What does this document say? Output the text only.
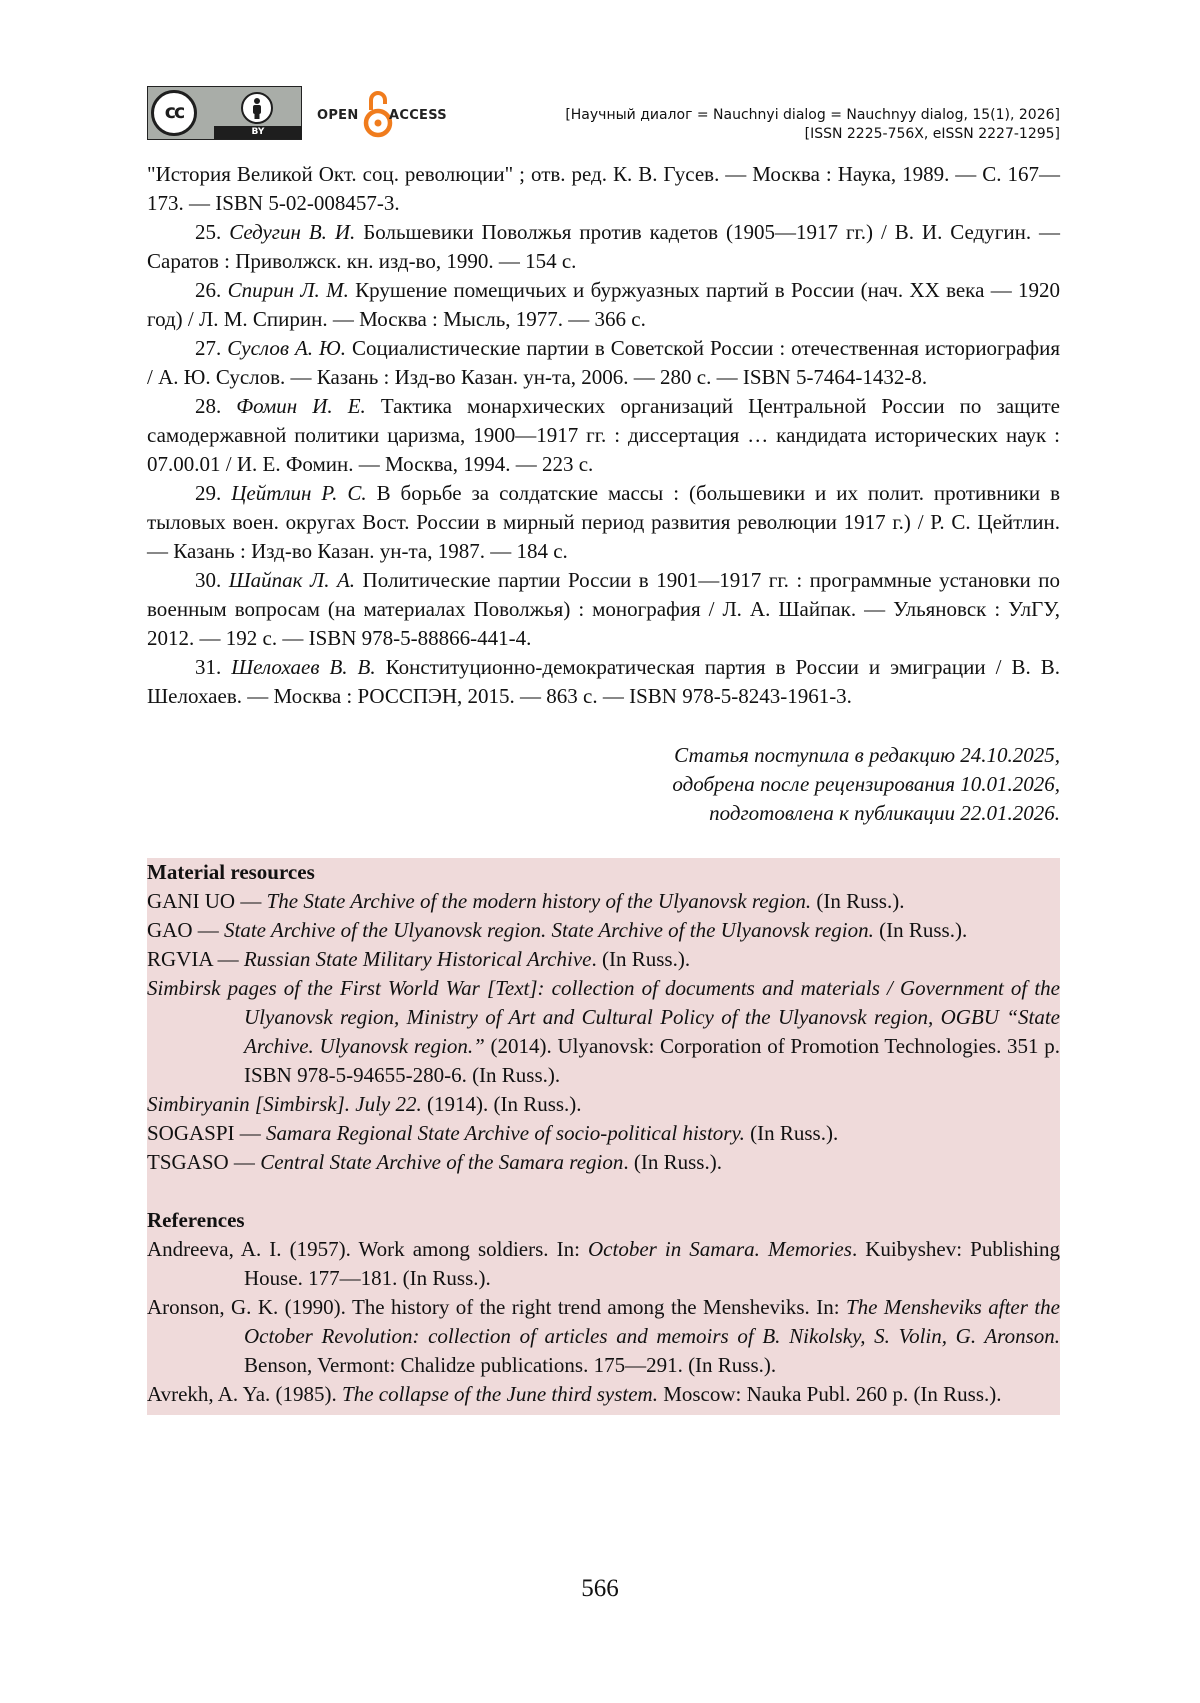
cc
BY
OPEN ACCESS	[Научный диалог = Nauchnyi dialog = Nauchnyy dialog, 15(1), 2026]
[ISSN 2225-756X, eISSN 2227-1295]

"История Великой Окт. соц. революции" ; отв. ред. К. В. Гусев. — Москва : Наука, 1989. — С. 167—173. — ISBN 5-02-008457-3.

25. Седугин В. И. Большевики Поволжья против кадетов (1905—1917 гг.) / В. И. Седугин. — Саратов : Приволжск. кн. изд-во, 1990. — 154 с.

26. Спирин Л. М. Крушение помещичьих и буржуазных партий в России (нач. XX века — 1920 год) / Л. М. Спирин. — Москва : Мысль, 1977. — 366 с.

27. Суслов А. Ю. Социалистические партии в Советской России : отечественная историография / А. Ю. Суслов. — Казань : Изд-во Казан. ун-та, 2006. — 280 с. — ISBN 5-7464-1432-8.

28. Фомин И. Е. Тактика монархических организаций Центральной России по защите самодержавной политики царизма, 1900—1917 гг. : диссертация … кандидата исторических наук : 07.00.01 / И. Е. Фомин. — Москва, 1994. — 223 с.

29. Цейтлин Р. С. В борьбе за солдатские массы : (большевики и их полит. противники в тыловых воен. округах Вост. России в мирный период развития революции 1917 г.) / Р. С. Цейтлин. — Казань : Изд-во Казан. ун-та, 1987. — 184 с.

30. Шайпак Л. А. Политические партии России в 1901—1917 гг. : программные установки по военным вопросам (на материалах Поволжья) : монография / Л. А. Шайпак. — Ульяновск : УлГУ, 2012. — 192 с. — ISBN 978-5-88866-441-4.

31. Шелохаев В. В. Конституционно-демократическая партия в России и эмиграции / В. В. Шелохаев. — Москва : РОССПЭН, 2015. — 863 с. — ISBN 978-5-8243-1961-3.

Статья поступила в редакцию 24.10.2025,

одобрена после рецензирования 10.01.2026,

подготовлена к публикации 22.01.2026.

Material resources

GANI UO — The State Archive of the modern history of the Ulyanovsk region. (In Russ.).

GAO — State Archive of the Ulyanovsk region. State Archive of the Ulyanovsk region. (In Russ.).

RGVIA — Russian State Military Historical Archive. (In Russ.).

Simbirsk pages of the First World War [Text]: collection of documents and materials / Government of the Ulyanovsk region, Ministry of Art and Cultural Policy of the Ulyanovsk region, OGBU “State Archive. Ulyanovsk region.” (2014). Ulyanovsk: Corporation of Promotion Technologies. 351 p. ISBN 978-5-94655-280-6. (In Russ.).

Simbiryanin [Simbirsk]. July 22. (1914). (In Russ.).

SOGASPI — Samara Regional State Archive of socio-political history. (In Russ.).

TSGASO — Central State Archive of the Samara region. (In Russ.).

References

Andreeva, A. I. (1957). Work among soldiers. In: October in Samara. Memories. Kuibyshev: Publishing House. 177—181. (In Russ.).

Aronson, G. K. (1990). The history of the right trend among the Mensheviks. In: The Mensheviks after the October Revolution: collection of articles and memoirs of B. Nikolsky, S. Volin, G. Aronson. Benson, Vermont: Chalidze publications. 175—291. (In Russ.).

Avrekh, A. Ya. (1985). The collapse of the June third system. Moscow: Nauka Publ. 260 p. (In Russ.).

566
